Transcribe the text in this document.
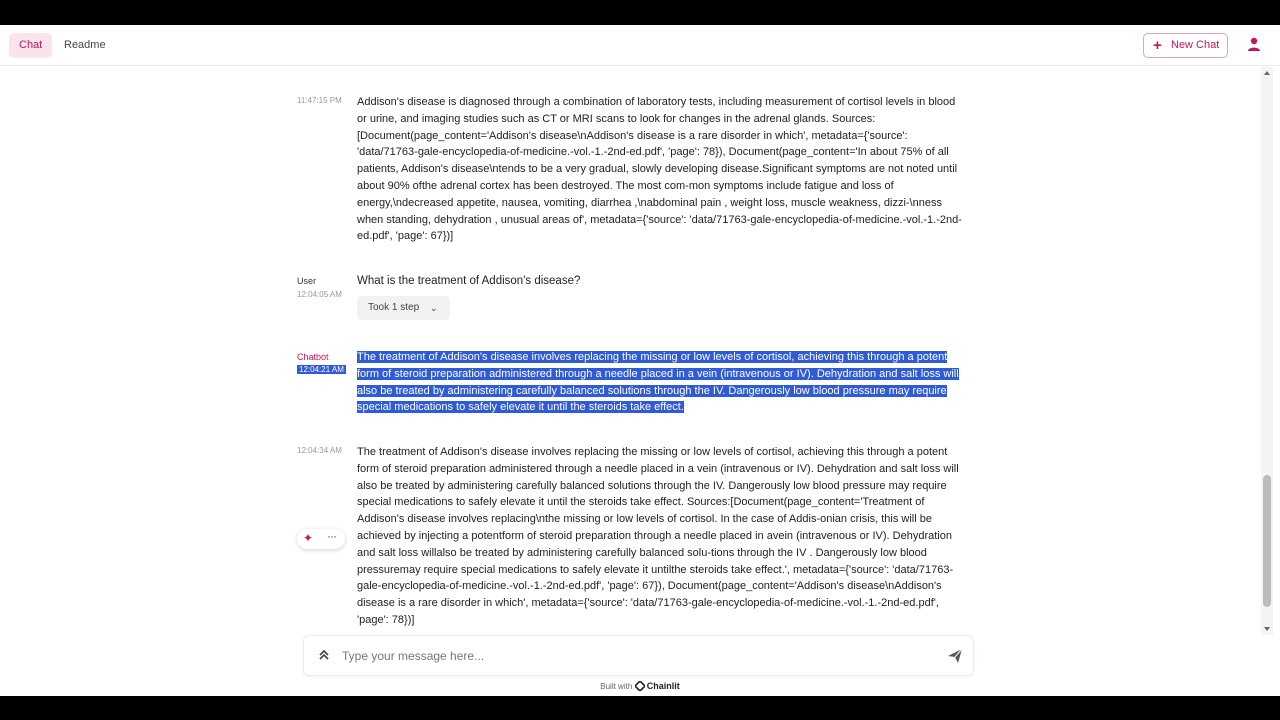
Chat	Readme	+ New Chat
11:47:15 PM Addison's disease is diagnosed through a combination of laboratory tests, including measurement of cortisol levels in blood or urine, and imaging studies such as CT or MRI scans to look for changes in the adrenal glands. Sources:[Document(page_content='Addison's disease\nAddison's disease is a rare disorder in which', metadata={'source': 'data/71763-gale-encyclopedia-of-medicine.-vol.-1.-2nd-ed.pdf', 'page': 78}), Document(page_content='In about 75% of all patients, Addison's disease\ntends to be a very gradual, slowly developing disease.Significant symptoms are not noted until about 90% ofthe adrenal cortex has been destroyed. The most com-mon symptoms include fatigue and loss of energy,\ndecreased appetite, nausea, vomiting, diarrhea ,\nabdominal pain , weight loss, muscle weakness, dizzi-\nness when standing, dehydration , unusual areas of', metadata={'source': 'data/71763-gale-encyclopedia-of-medicine.-vol.-1.-2nd-ed.pdf', 'page': 67})]
User
12:04:05 AM
What is the treatment of Addison's disease?
Took 1 step ⌄
Chatbot
12:04:21 AM
The treatment of Addison's disease involves replacing the missing or low levels of cortisol, achieving this through a potent form of steroid preparation administered through a needle placed in a vein (intravenous or IV). Dehydration and salt loss will also be treated by administering carefully balanced solutions through the IV. Dangerously low blood pressure may require special medications to safely elevate it until the steroids take effect.
12:04:34 AM The treatment of Addison's disease involves replacing the missing or low levels of cortisol, achieving this through a potent form of steroid preparation administered through a needle placed in a vein (intravenous or IV). Dehydration and salt loss will also be treated by administering carefully balanced solutions through the IV. Dangerously low blood pressure may require special medications to safely elevate it until the steroids take effect. Sources:[Document(page_content='Treatment of Addison's disease involves replacing\nthe missing or low levels of cortisol. In the case of Addis-onian crisis, this will be achieved by injecting a potentform of steroid preparation through a needle placed in avein (intravenous or IV). Dehydration and salt loss willalso be treated by administering carefully balanced solu-tions through the IV . Dangerously low blood pressuremay require special medications to safely elevate it untilthe steroids take effect.', metadata={'source': 'data/71763-gale-encyclopedia-of-medicine.-vol.-1.-2nd-ed.pdf', 'page': 67}), Document(page_content='Addison's disease\nAddison's disease is a rare disorder in which', metadata={'source': 'data/71763-gale-encyclopedia-of-medicine.-vol.-1.-2nd-ed.pdf', 'page': 78})]
✦ ···
Type your message here...
Built with Chainlit
